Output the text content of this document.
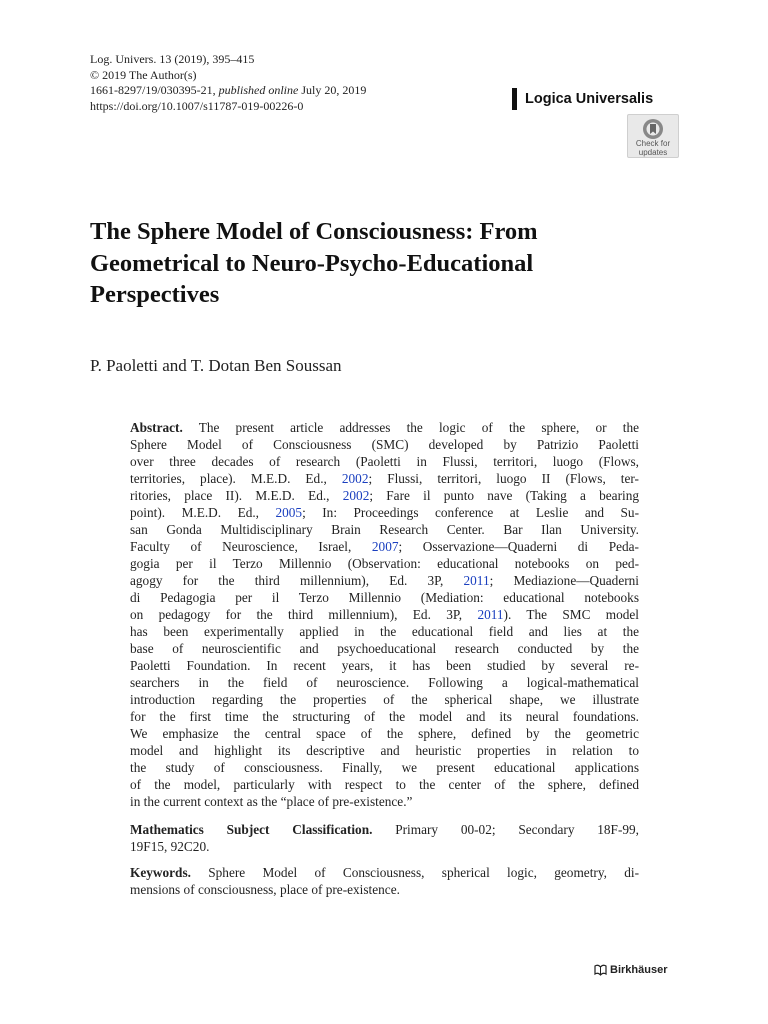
Log. Univers. 13 (2019), 395–415
© 2019 The Author(s)
1661-8297/19/030395-21, published online July 20, 2019
https://doi.org/10.1007/s11787-019-00226-0	Logica Universalis
Check for
updates
The Sphere Model of Consciousness: From
Geometrical to Neuro-Psycho-Educational
Perspectives
P. Paoletti and T. Dotan Ben Soussan
Abstract. The present article addresses the logic of the sphere, or the
Sphere Model of Consciousness (SMC) developed by Patrizio Paoletti
over three decades of research (Paoletti in Flussi, territori, luogo (Flows,
territories, place). M.E.D. Ed., 2002; Flussi, territori, luogo II (Flows, ter-
ritories, place II). M.E.D. Ed., 2002; Fare il punto nave (Taking a bearing
point). M.E.D. Ed., 2005; In: Proceedings conference at Leslie and Su-
san Gonda Multidisciplinary Brain Research Center. Bar Ilan University.
Faculty of Neuroscience, Israel, 2007; Osservazione—Quaderni di Peda-
gogia per il Terzo Millennio (Observation: educational notebooks on ped-
agogy for the third millennium), Ed. 3P, 2011; Mediazione—Quaderni
di Pedagogia per il Terzo Millennio (Mediation: educational notebooks
on pedagogy for the third millennium), Ed. 3P, 2011). The SMC model
has been experimentally applied in the educational field and lies at the
base of neuroscientific and psychoeducational research conducted by the
Paoletti Foundation. In recent years, it has been studied by several re-
searchers in the field of neuroscience. Following a logical-mathematical
introduction regarding the properties of the spherical shape, we illustrate
for the first time the structuring of the model and its neural foundations.
We emphasize the central space of the sphere, defined by the geometric
model and highlight its descriptive and heuristic properties in relation to
the study of consciousness. Finally, we present educational applications
of the model, particularly with respect to the center of the sphere, defined
in the current context as the “place of pre-existence.”
Mathematics Subject Classification. Primary 00-02; Secondary 18F-99,
19F15, 92C20.
Keywords. Sphere Model of Consciousness, spherical logic, geometry, di-
mensions of consciousness, place of pre-existence.
Birkhäuser
